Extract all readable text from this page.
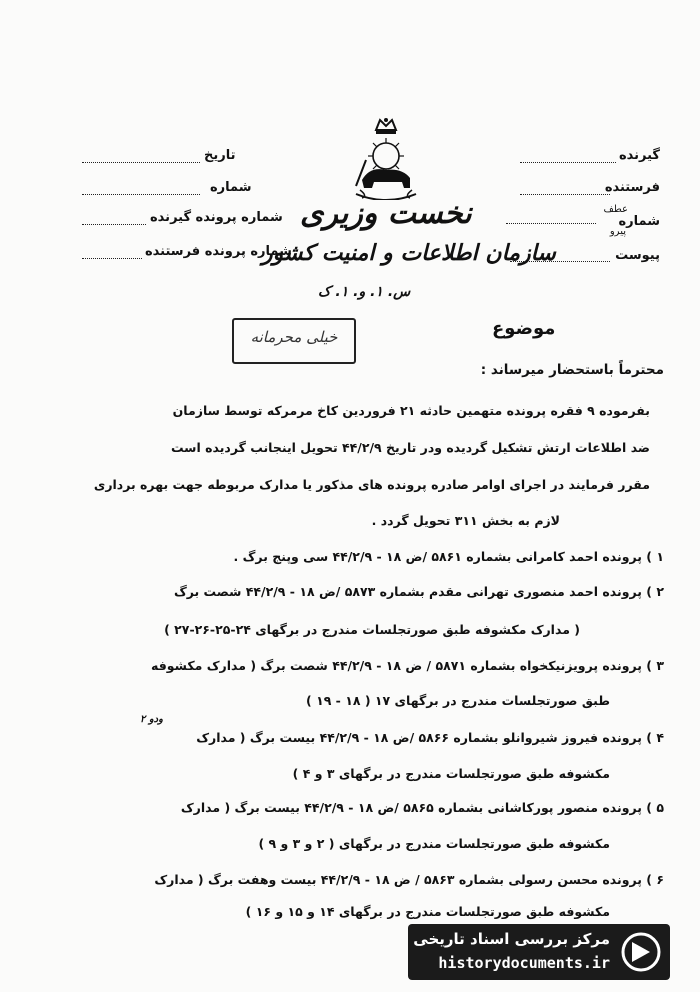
گیرنده
فرستنده
شماره
عطف
پیرو
پیوست
تاریخ
شماره
شماره پرونده گیرنده
شماره پرونده فرستنده
نخست وزیری
سازمان اطلاعات و امنیت کشور
س. ۱. و. ۱. ک
خیلی محرمانه	موضوع
محترماً باستحضار میرساند :
بفرموده ۹ فقره پرونده متهمین حادثه ۲۱ فروردین کاخ مرمرکه توسط سازمان
ضد اطلاعات ارتش تشکیل گردیده ودر تاریخ ۴۴/۲/۹ تحویل اینجانب گردیده است
مقرر فرمایند در اجرای اوامر صادره پرونده های مذکور یا مدارک مربوطه جهت بهره برداری
لازم به بخش ۳۱۱ تحویل گردد .
۱ ) پرونده احمد کامرانی بشماره ۵۸۶۱ /ض ۱۸ - ۴۴/۲/۹ سی وپنج برگ .
۲ ) پرونده احمد منصوری تهرانی مقدم بشماره ۵۸۷۳ /ض ۱۸ - ۴۴/۲/۹ شصت برگ
( مدارک مکشوفه طبق صورتجلسات مندرج در برگهای ۲۴-۲۵-۲۶-۲۷ )
۳ ) پرونده پرویزنیکخواه بشماره ۵۸۷۱ / ض ۱۸ - ۴۴/۲/۹ شصت برگ ( مدارک مکشوفه
طبق صورتجلسات مندرج در برگهای ۱۷ ( ۱۸ - ۱۹ )
ودو ۲
۴ ) پرونده فیروز شیروانلو بشماره ۵۸۶۶ /ض ۱۸ - ۴۴/۲/۹ بیست برگ ( مدارک
مکشوفه طبق صورتجلسات مندرج در برگهای ۳ و ۴ )
۵ ) پرونده منصور پورکاشانی بشماره ۵۸۶۵ /ض ۱۸ - ۴۴/۲/۹ بیست برگ ( مدارک
مکشوفه طبق صورتجلسات مندرج در برگهای ( ۲ و ۳ و ۹ )
۶ ) پرونده محسن رسولی بشماره ۵۸۶۳ / ض ۱۸ - ۴۴/۲/۹ بیست وهفت برگ ( مدارک
مکشوفه طبق صورتجلسات مندرج در برگهای ۱۴ و ۱۵ و ۱۶ )
مرکز بررسی اسناد تاریخی
historydocuments.ir
